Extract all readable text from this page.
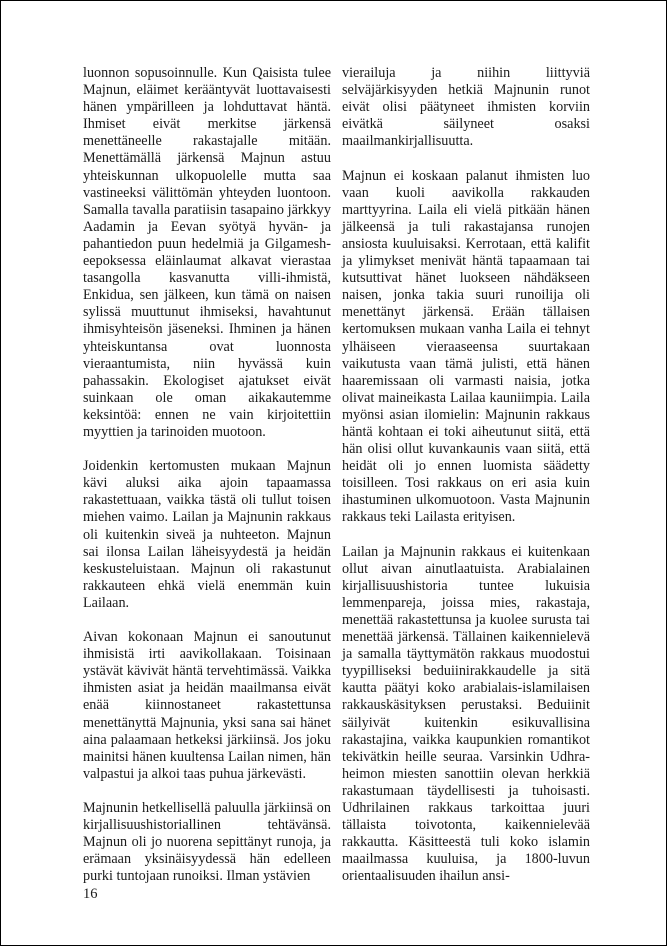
luonnon sopusoinnulle. Kun Qaisista tulee Majnun, eläimet kerääntyvät luottavaisesti hänen ympärilleen ja lohduttavat häntä. Ihmiset eivät merkitse järkensä menettäneelle rakastajalle mitään. Menettämällä järkensä Majnun astuu yhteiskunnan ulkopuolelle mutta saa vastineeksi välittömän yhteyden luontoon. Samalla tavalla paratiisin tasapaino järkkyy Aadamin ja Eevan syötyä hyvän- ja pahantiedon puun hedelmiä ja Gilgamesh-eepoksessa eläinlaumat alkavat vierastaa tasangolla kasvanutta villi-ihmistä, Enkidua, sen jälkeen, kun tämä on naisen sylissä muuttunut ihmiseksi, havahtunut ihmisyhteisön jäseneksi. Ihminen ja hänen yhteiskuntansa ovat luonnosta vieraantumista, niin hyvässä kuin pahassakin. Ekologiset ajatukset eivät suinkaan ole oman aikakautemme keksintöä: ennen ne vain kirjoitettiin myyttien ja tarinoiden muotoon.

Joidenkin kertomusten mukaan Majnun kävi aluksi aika ajoin tapaamassa rakastettuaan, vaikka tästä oli tullut toisen miehen vaimo. Lailan ja Majnunin rakkaus oli kuitenkin siveä ja nuhteeton. Majnun sai ilonsa Lailan läheisyydestä ja heidän keskusteluistaan. Majnun oli rakastunut rakkauteen ehkä vielä enemmän kuin Lailaan.

Aivan kokonaan Majnun ei sanoutunut ihmisistä irti aavikollakaan. Toisinaan ystävät kävivät häntä tervehtimässä. Vaikka ihmisten asiat ja heidän maailmansa eivät enää kiinnostaneet rakastettunsa menettänyttä Majnunia, yksi sana sai hänet aina palaamaan hetkeksi järkiinsä. Jos joku mainitsi hänen kuultensa Lailan nimen, hän valpastui ja alkoi taas puhua järkevästi.

Majnunin hetkellisellä paluulla järkiinsä on kirjallisuushistoriallinen tehtävänsä. Majnun oli jo nuorena sepittänyt runoja, ja erämaan yksinäisyydessä hän edelleen purki tuntojaan runoiksi. Ilman ystävien

vierailuja ja niihin liittyviä selväjärkisyyden hetkiä Majnunin runot eivät olisi päätyneet ihmisten korviin eivätkä säilyneet osaksi maailmankirjallisuutta.

Majnun ei koskaan palanut ihmisten luo vaan kuoli aavikolla rakkauden marttyyrina. Laila eli vielä pitkään hänen jälkeensä ja tuli rakastajansa runojen ansiosta kuuluisaksi. Kerrotaan, että kalifit ja ylimykset menivät häntä tapaamaan tai kutsuttivat hänet luokseen nähdäkseen naisen, jonka takia suuri runoilija oli menettänyt järkensä. Erään tällaisen kertomuksen mukaan vanha Laila ei tehnyt ylhäiseen vieraaseensa suurtakaan vaikutusta vaan tämä julisti, että hänen haaremissaan oli varmasti naisia, jotka olivat maineikasta Lailaa kauniimpia. Laila myönsi asian ilomielin: Majnunin rakkaus häntä kohtaan ei toki aiheutunut siitä, että hän olisi ollut kuvankaunis vaan siitä, että heidät oli jo ennen luomista säädetty toisilleen. Tosi rakkaus on eri asia kuin ihastuminen ulkomuotoon. Vasta Majnunin rakkaus teki Lailasta erityisen.

Lailan ja Majnunin rakkaus ei kuitenkaan ollut aivan ainutlaatuista. Arabialainen kirjallisuushistoria tuntee lukuisia lemmenpareja, joissa mies, rakastaja, menettää rakastettunsa ja kuolee surusta tai menettää järkensä. Tällainen kaikennielevä ja samalla täyttymätön rakkaus muodostui tyypilliseksi beduiinirakkaudelle ja sitä kautta päätyi koko arabialais-islamilaisen rakkauskäsityksen perustaksi. Beduiinit säilyivät kuitenkin esikuvallisina rakastajina, vaikka kaupunkien romantikot tekivätkin heille seuraa. Varsinkin Udhra-heimon miesten sanottiin olevan herkkiä rakastumaan täydellisesti ja tuhoisasti. Udhrilainen rakkaus tarkoittaa juuri tällaista toivotonta, kaikennielevää rakkautta. Käsitteestä tuli koko islamin maailmassa kuuluisa, ja 1800-luvun orientaalisuuden ihailun ansi-

16
